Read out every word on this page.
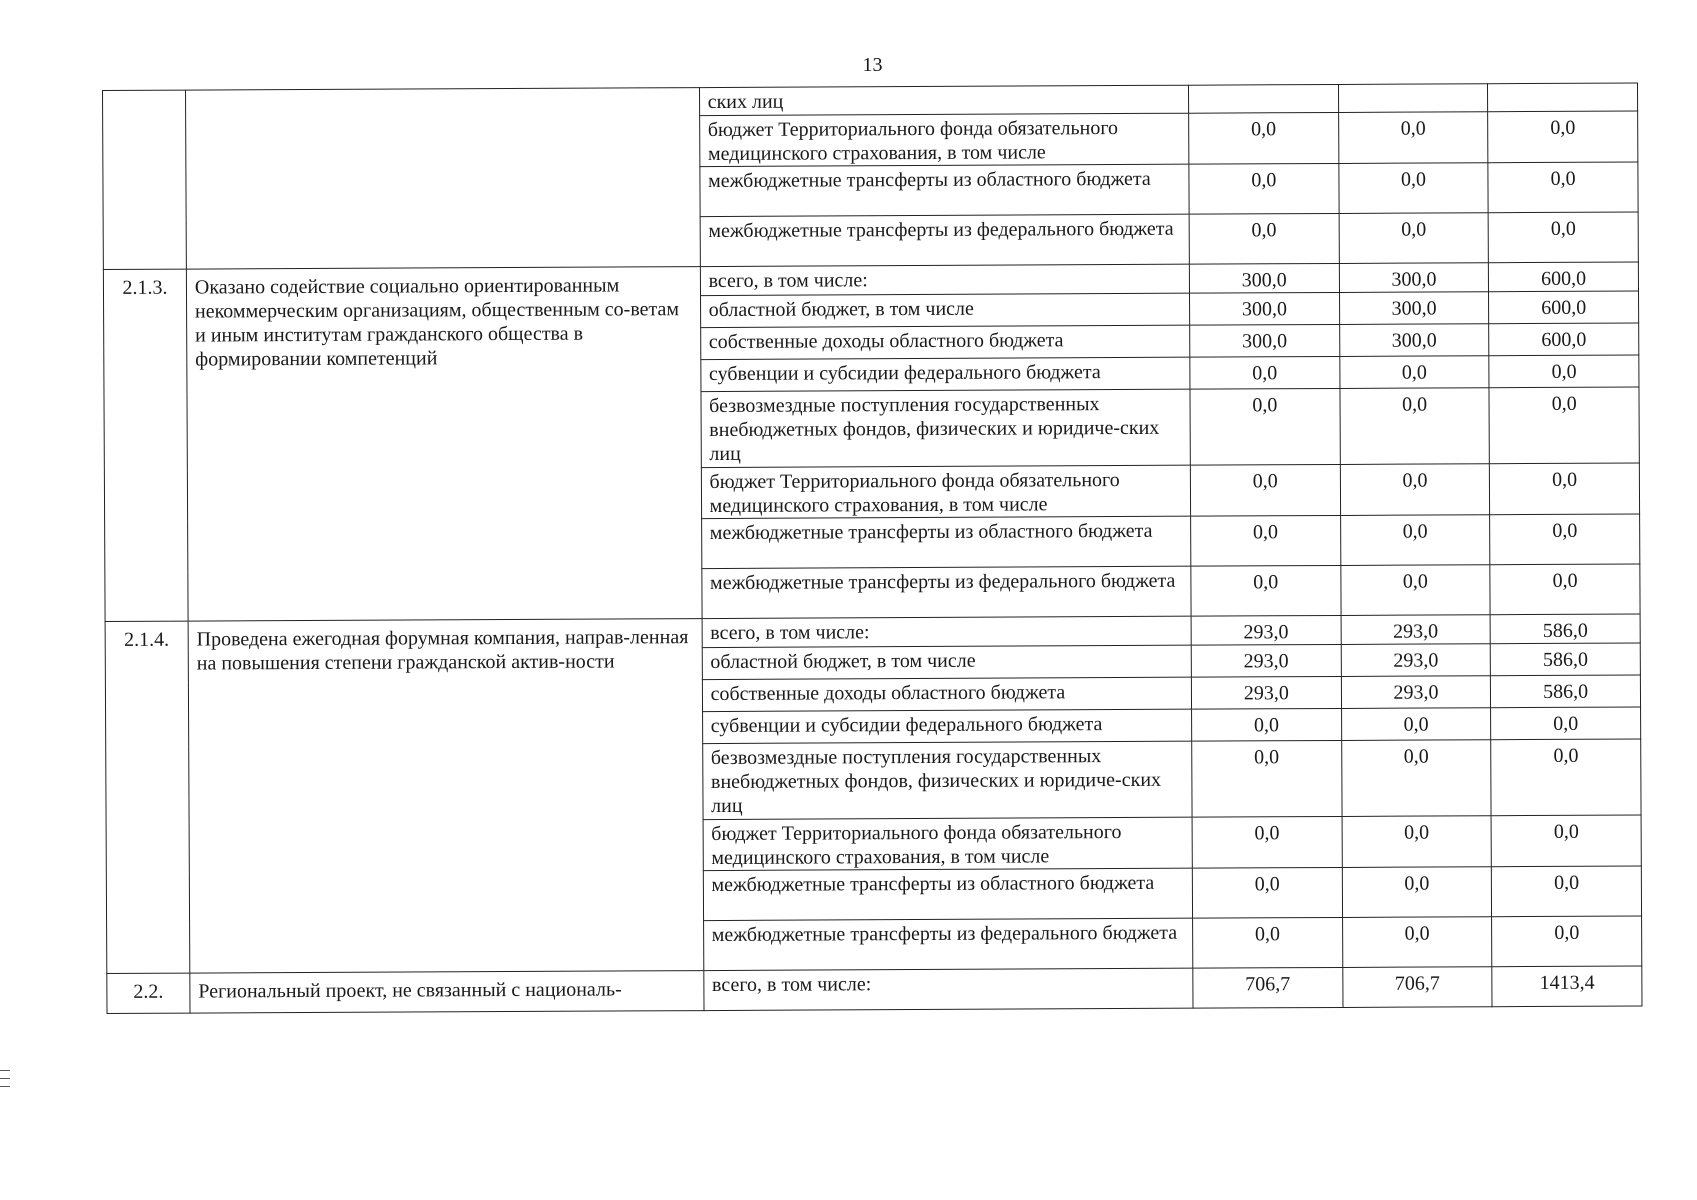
13
		ских лиц			
		бюджет Территориального фонда обязательного медицинского страхования, в том числе	0,0	0,0	0,0
		межбюджетные трансферты из областного бюджета	0,0	0,0	0,0
		межбюджетные трансферты из федерального бюджета	0,0	0,0	0,0
2.1.3.	Оказано содействие социально ориентированным некоммерческим организациям, общественным со-ветам и иным институтам гражданского общества в формировании компетенций	всего, в том числе:	300,0	300,0	600,0
		областной бюджет, в том числе	300,0	300,0	600,0
		собственные доходы областного бюджета	300,0	300,0	600,0
		субвенции и субсидии федерального бюджета	0,0	0,0	0,0
		безвозмездные поступления государственных внебюджетных фондов, физических и юридиче-ских лиц	0,0	0,0	0,0
		бюджет Территориального фонда обязательного медицинского страхования, в том числе	0,0	0,0	0,0
		межбюджетные трансферты из областного бюджета	0,0	0,0	0,0
		межбюджетные трансферты из федерального бюджета	0,0	0,0	0,0
2.1.4.	Проведена ежегодная форумная компания, направ-ленная на повышения степени гражданской актив-ности	всего, в том числе:	293,0	293,0	586,0
		областной бюджет, в том числе	293,0	293,0	586,0
		собственные доходы областного бюджета	293,0	293,0	586,0
		субвенции и субсидии федерального бюджета	0,0	0,0	0,0
		безвозмездные поступления государственных внебюджетных фондов, физических и юридиче-ских лиц	0,0	0,0	0,0
		бюджет Территориального фонда обязательного медицинского страхования, в том числе	0,0	0,0	0,0
		межбюджетные трансферты из областного бюджета	0,0	0,0	0,0
		межбюджетные трансферты из федерального бюджета	0,0	0,0	0,0
2.2.	Региональный проект, не связанный с националь-	всего, в том числе:	706,7	706,7	1413,4
